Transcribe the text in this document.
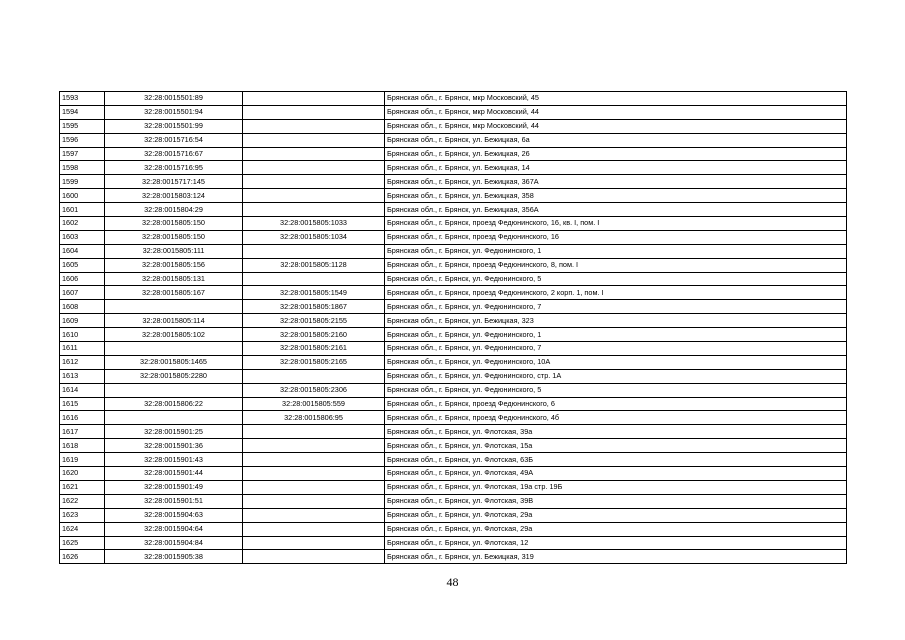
1593	32:28:0015501:89		Брянская обл., г. Брянск, мкр Московский, 45
1594	32:28:0015501:94		Брянская обл., г. Брянск, мкр Московский, 44
1595	32:28:0015501:99		Брянская обл., г. Брянск, мкр Московский, 44
1596	32:28:0015716:54		Брянская обл., г. Брянск, ул. Бежицкая, 6а
1597	32:28:0015716:67		Брянская обл., г. Брянск, ул. Бежицкая, 26
1598	32:28:0015716:95		Брянская обл., г. Брянск, ул. Бежицкая, 14
1599	32:28:0015717:145		Брянская обл., г. Брянск, ул. Бежицкая, 367А
1600	32:28:0015803:124		Брянская обл., г. Брянск, ул. Бежицкая, 358
1601	32:28:0015804:29		Брянская обл., г. Брянск, ул. Бежицкая, 356А
1602	32:28:0015805:150	32:28:0015805:1033	Брянская обл., г. Брянск, проезд Федюнинского, 16, кв. I, пом. I
1603	32:28:0015805:150	32:28:0015805:1034	Брянская обл., г. Брянск, проезд Федюнинского, 16
1604	32:28:0015805:111		Брянская обл., г. Брянск, ул. Федюнинского, 1
1605	32:28:0015805:156	32:28:0015805:1128	Брянская обл., г. Брянск, проезд Федюнинского, 8, пом. I
1606	32:28:0015805:131		Брянская обл., г. Брянск, ул. Федюнинского, 5
1607	32:28:0015805:167	32:28:0015805:1549	Брянская обл., г. Брянск, проезд Федюнинского, 2 корп. 1, пом. I
1608		32:28:0015805:1867	Брянская обл., г. Брянск, ул. Федюнинского, 7
1609	32:28:0015805:114	32:28:0015805:2155	Брянская обл., г. Брянск, ул. Бежицкая, 323
1610	32:28:0015805:102	32:28:0015805:2160	Брянская обл., г. Брянск, ул. Федюнинского, 1
1611		32:28:0015805:2161	Брянская обл., г. Брянск, ул. Федюнинского, 7
1612	32:28:0015805:1465	32:28:0015805:2165	Брянская обл., г. Брянск, ул. Федюнинского, 10А
1613	32:28:0015805:2280		Брянская обл., г. Брянск, ул. Федюнинского, стр. 1А
1614		32:28:0015805:2306	Брянская обл., г. Брянск, ул. Федюнинского, 5
1615	32:28:0015806:22	32:28:0015805:559	Брянская обл., г. Брянск, проезд Федюнинского, 6
1616		32:28:0015806:95	Брянская обл., г. Брянск, проезд Федюнинского, 4б
1617	32:28:0015901:25		Брянская обл., г. Брянск, ул. Флотская, 39а
1618	32:28:0015901:36		Брянская обл., г. Брянск, ул. Флотская, 15а
1619	32:28:0015901:43		Брянская обл., г. Брянск, ул. Флотская, 63Б
1620	32:28:0015901:44		Брянская обл., г. Брянск, ул. Флотская, 49А
1621	32:28:0015901:49		Брянская обл., г. Брянск, ул. Флотская, 19а стр. 19Б
1622	32:28:0015901:51		Брянская обл., г. Брянск, ул. Флотская, 39В
1623	32:28:0015904:63		Брянская обл., г. Брянск, ул. Флотская, 29а
1624	32:28:0015904:64		Брянская обл., г. Брянск, ул. Флотская, 29а
1625	32:28:0015904:84		Брянская обл., г. Брянск, ул. Флотская, 12
1626	32:28:0015905:38		Брянская обл., г. Брянск, ул. Бежицкая, 319
48
